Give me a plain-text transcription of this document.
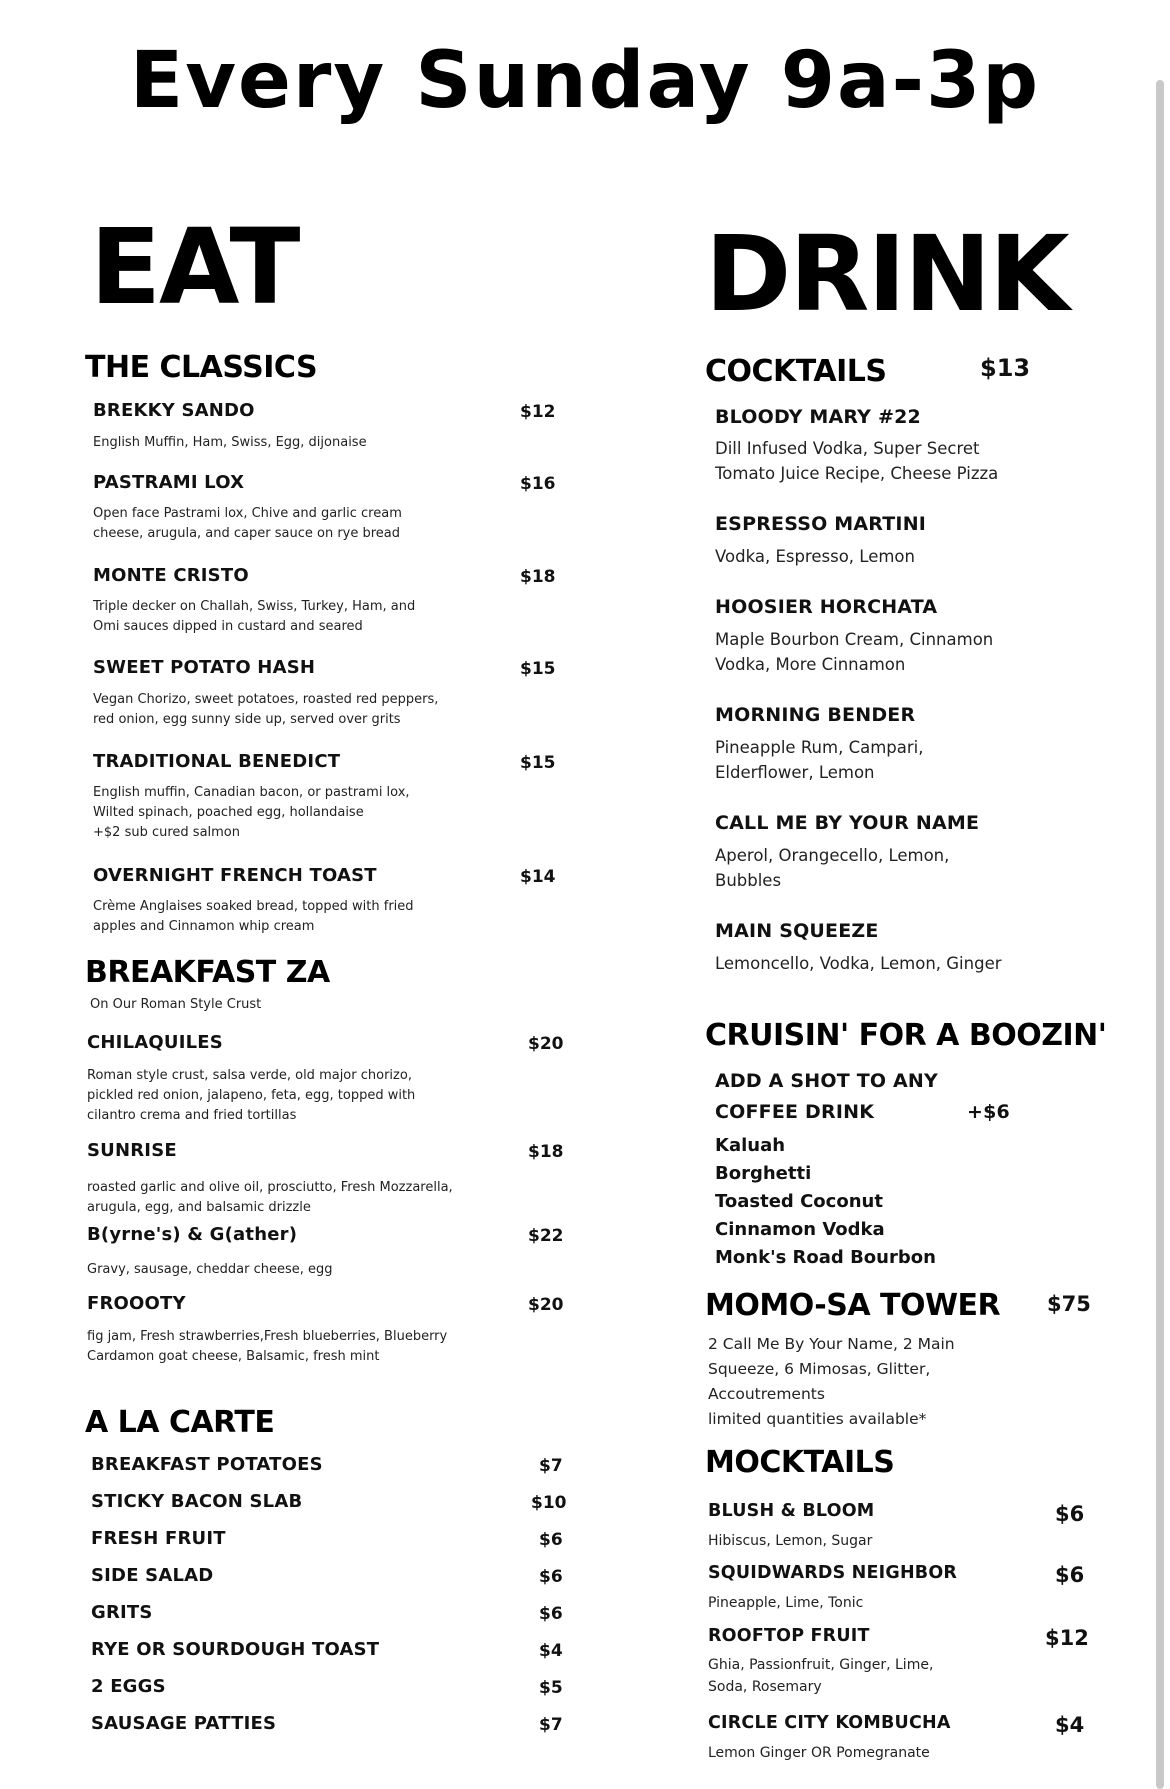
Every Sunday 9a-3p
EAT
THE CLASSICS
BREKKY SANDO	$12
English Muffin, Ham, Swiss, Egg, dijonaise
PASTRAMI LOX	$16
Open face Pastrami lox, Chive and garlic cream
cheese, arugula, and caper sauce on rye bread
MONTE CRISTO	$18
Triple decker on Challah, Swiss, Turkey, Ham, and
Omi sauces dipped in custard and seared
SWEET POTATO HASH	$15
Vegan Chorizo, sweet potatoes, roasted red peppers,
red onion, egg sunny side up, served over grits
TRADITIONAL BENEDICT	$15
English muffin, Canadian bacon, or pastrami lox,
Wilted spinach, poached egg, hollandaise
+$2 sub cured salmon
OVERNIGHT FRENCH TOAST	$14
Crème Anglaises soaked bread, topped with fried
apples and Cinnamon whip cream
BREAKFAST ZA
On Our Roman Style Crust
CHILAQUILES	$20
Roman style crust, salsa verde, old major chorizo,
pickled red onion, jalapeno, feta, egg, topped with
cilantro crema and fried tortillas
SUNRISE	$18
roasted garlic and olive oil, prosciutto, Fresh Mozzarella,
arugula, egg, and balsamic drizzle
B(yrne's) & G(ather)	$22
Gravy, sausage, cheddar cheese, egg
FROOOTY	$20
fig jam, Fresh strawberries,Fresh blueberries, Blueberry
Cardamon goat cheese, Balsamic, fresh mint
A LA CARTE
BREAKFAST POTATOES	$7
STICKY BACON SLAB	$10
FRESH FRUIT	$6
SIDE SALAD	$6
GRITS	$6
RYE OR SOURDOUGH TOAST	$4
2 EGGS	$5
SAUSAGE PATTIES	$7
DRINK
COCKTAILS	$13
BLOODY MARY #22
Dill Infused Vodka, Super Secret
Tomato Juice Recipe, Cheese Pizza
ESPRESSO MARTINI
Vodka, Espresso, Lemon
HOOSIER HORCHATA
Maple Bourbon Cream, Cinnamon
Vodka, More Cinnamon
MORNING BENDER
Pineapple Rum, Campari,
Elderflower, Lemon
CALL ME BY YOUR NAME
Aperol, Orangecello, Lemon,
Bubbles
MAIN SQUEEZE
Lemoncello, Vodka, Lemon, Ginger
CRUISIN' FOR A BOOZIN'
ADD A SHOT TO ANY
COFFEE DRINK	+$6
Kaluah
Borghetti
Toasted Coconut
Cinnamon Vodka
Monk's Road Bourbon
MOMO-SA TOWER $75
2 Call Me By Your Name, 2 Main
Squeeze, 6 Mimosas, Glitter,
Accoutrements
limited quantities available*
MOCKTAILS
BLUSH & BLOOM	$6
Hibiscus, Lemon, Sugar
SQUIDWARDS NEIGHBOR	$6
Pineapple, Lime, Tonic
ROOFTOP FRUIT	$12
Ghia, Passionfruit, Ginger, Lime,
Soda, Rosemary
CIRCLE CITY KOMBUCHA	$4
Lemon Ginger OR Pomegranate
